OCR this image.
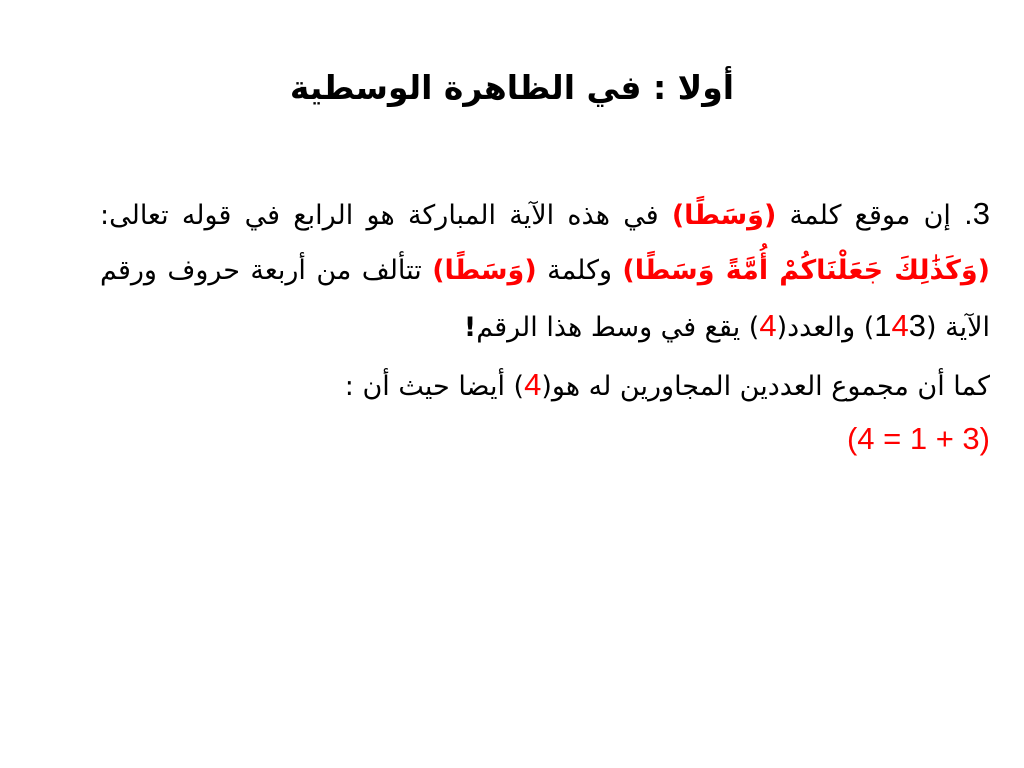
أولا : في الظاهرة الوسطية

3. إن موقع كلمة (وَسَطًا) في هذه الآية المباركة هو الرابع في قوله تعالى: (وَكَذَٰلِكَ جَعَلْنَاكُمْ أُمَّةً وَسَطًا) وكلمة (وَسَطًا) تتألف من أربعة حروف ورقم الآية (143) والعدد(4) يقع في وسط هذا الرقم!

كما أن مجموع العددين المجاورين له هو(4) أيضا حيث أن :
(4 = 1 + 3)
